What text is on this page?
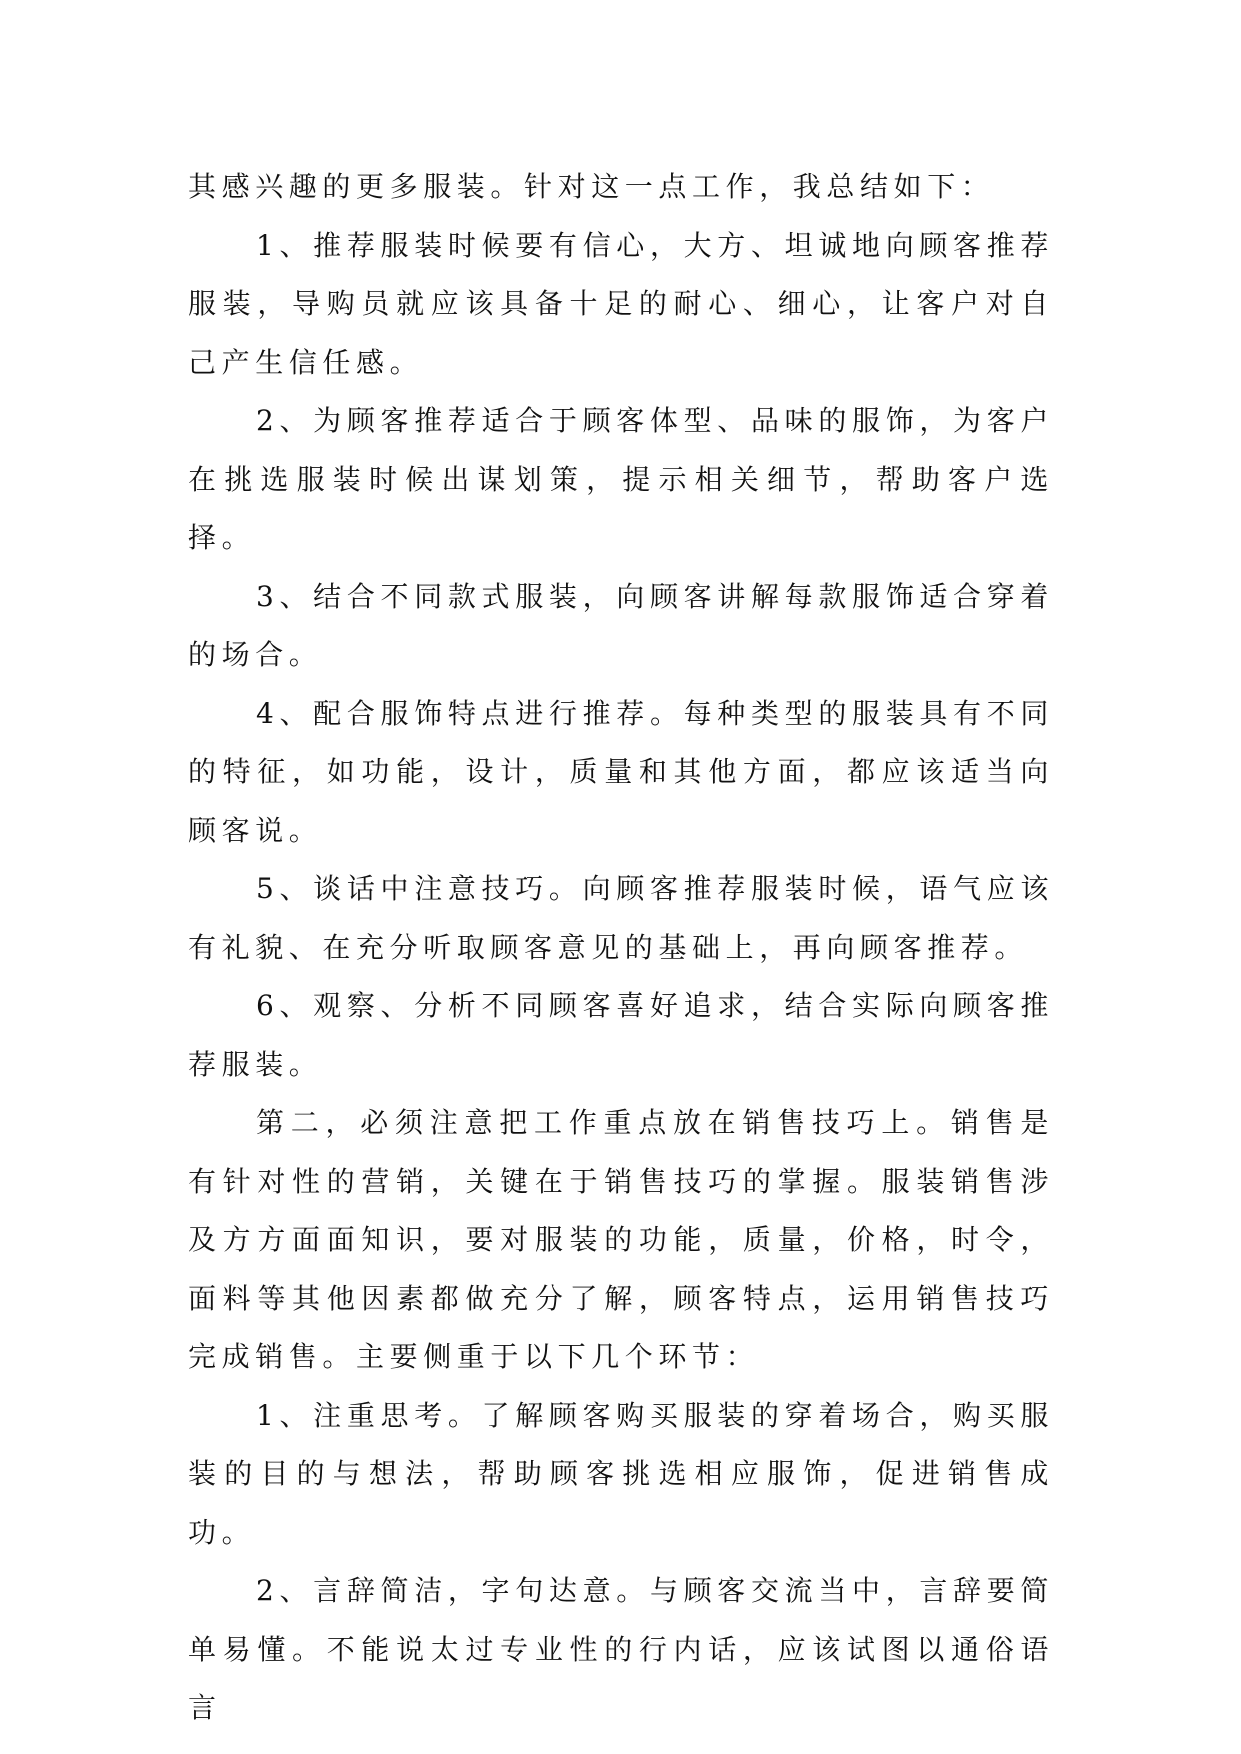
其感兴趣的更多服装。针对这一点工作，我总结如下：

1、推荐服装时候要有信心，大方、坦诚地向顾客推荐服装，导购员就应该具备十足的耐心、细心，让客户对自己产生信任感。

2、为顾客推荐适合于顾客体型、品味的服饰，为客户在挑选服装时候出谋划策，提示相关细节，帮助客户选择。

3、结合不同款式服装，向顾客讲解每款服饰适合穿着的场合。

4、配合服饰特点进行推荐。每种类型的服装具有不同的特征，如功能，设计，质量和其他方面，都应该适当向顾客说。

5、谈话中注意技巧。向顾客推荐服装时候，语气应该有礼貌、在充分听取顾客意见的基础上，再向顾客推荐。

6、观察、分析不同顾客喜好追求，结合实际向顾客推荐服装。

第二，必须注意把工作重点放在销售技巧上。销售是有针对性的营销，关键在于销售技巧的掌握。服装销售涉及方方面面知识，要对服装的功能，质量，价格，时令，面料等其他因素都做充分了解，顾客特点，运用销售技巧完成销售。主要侧重于以下几个环节：

1、注重思考。了解顾客购买服装的穿着场合，购买服装的目的与想法，帮助顾客挑选相应服饰，促进销售成功。

2、言辞简洁，字句达意。与顾客交流当中，言辞要简单易懂。不能说太过专业性的行内话，应该试图以通俗语言
